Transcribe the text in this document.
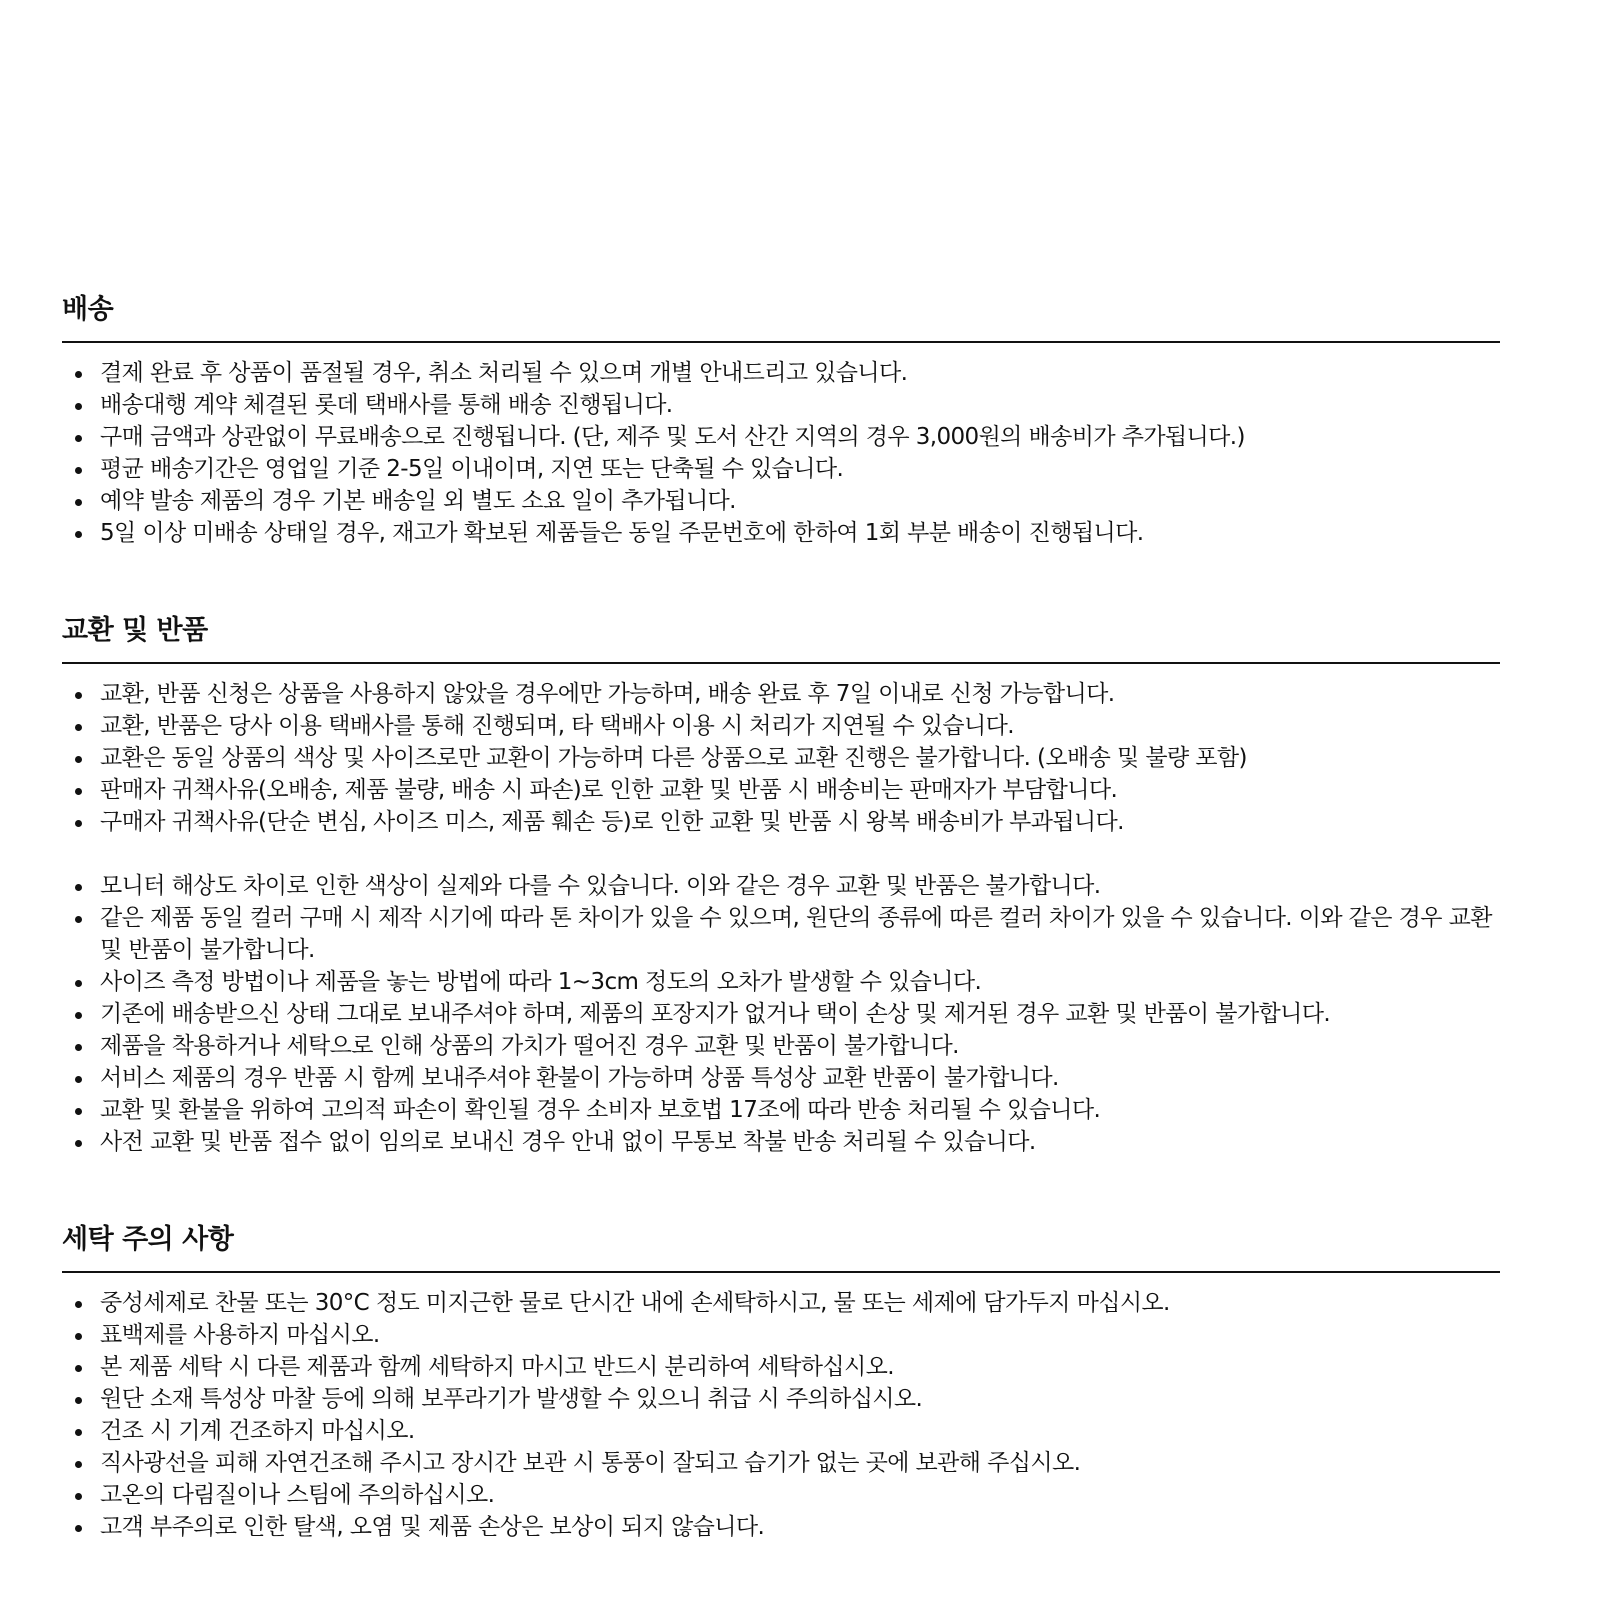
배송
결제 완료 후 상품이 품절될 경우, 취소 처리될 수 있으며 개별 안내드리고 있습니다.
배송대행 계약 체결된 롯데 택배사를 통해 배송 진행됩니다.
구매 금액과 상관없이 무료배송으로 진행됩니다. (단, 제주 및 도서 산간 지역의 경우 3,000원의 배송비가 추가됩니다.)
평균 배송기간은 영업일 기준 2-5일 이내이며, 지연 또는 단축될 수 있습니다.
예약 발송 제품의 경우 기본 배송일 외 별도 소요 일이 추가됩니다.
5일 이상 미배송 상태일 경우, 재고가 확보된 제품들은 동일 주문번호에 한하여 1회 부분 배송이 진행됩니다.
교환 및 반품
교환, 반품 신청은 상품을 사용하지 않았을 경우에만 가능하며, 배송 완료 후 7일 이내로 신청 가능합니다.
교환, 반품은 당사 이용 택배사를 통해 진행되며, 타 택배사 이용 시 처리가 지연될 수 있습니다.
교환은 동일 상품의 색상 및 사이즈로만 교환이 가능하며 다른 상품으로 교환 진행은 불가합니다. (오배송 및 불량 포함)
판매자 귀책사유(오배송, 제품 불량, 배송 시 파손)로 인한 교환 및 반품 시 배송비는 판매자가 부담합니다.
구매자 귀책사유(단순 변심, 사이즈 미스, 제품 훼손 등)로 인한 교환 및 반품 시 왕복 배송비가 부과됩니다.
모니터 해상도 차이로 인한 색상이 실제와 다를 수 있습니다. 이와 같은 경우 교환 및 반품은 불가합니다.
같은 제품 동일 컬러 구매 시 제작 시기에 따라 톤 차이가 있을 수 있으며, 원단의 종류에 따른 컬러 차이가 있을 수 있습니다. 이와 같은 경우 교환 및 반품이 불가합니다.
사이즈 측정 방법이나 제품을 놓는 방법에 따라 1~3cm 정도의 오차가 발생할 수 있습니다.
기존에 배송받으신 상태 그대로 보내주셔야 하며, 제품의 포장지가 없거나 택이 손상 및 제거된 경우 교환 및 반품이 불가합니다.
제품을 착용하거나 세탁으로 인해 상품의 가치가 떨어진 경우 교환 및 반품이 불가합니다.
서비스 제품의 경우 반품 시 함께 보내주셔야 환불이 가능하며 상품 특성상 교환 반품이 불가합니다.
교환 및 환불을 위하여 고의적 파손이 확인될 경우 소비자 보호법 17조에 따라 반송 처리될 수 있습니다.
사전 교환 및 반품 접수 없이 임의로 보내신 경우 안내 없이 무통보 착불 반송 처리될 수 있습니다.
세탁 주의 사항
중성세제로 찬물 또는 30°C 정도 미지근한 물로 단시간 내에 손세탁하시고, 물 또는 세제에 담가두지 마십시오.
표백제를 사용하지 마십시오.
본 제품 세탁 시 다른 제품과 함께 세탁하지 마시고 반드시 분리하여 세탁하십시오.
원단 소재 특성상 마찰 등에 의해 보푸라기가 발생할 수 있으니 취급 시 주의하십시오.
건조 시 기계 건조하지 마십시오.
직사광선을 피해 자연건조해 주시고 장시간 보관 시 통풍이 잘되고 습기가 없는 곳에 보관해 주십시오.
고온의 다림질이나 스팀에 주의하십시오.
고객 부주의로 인한 탈색, 오염 및 제품 손상은 보상이 되지 않습니다.
